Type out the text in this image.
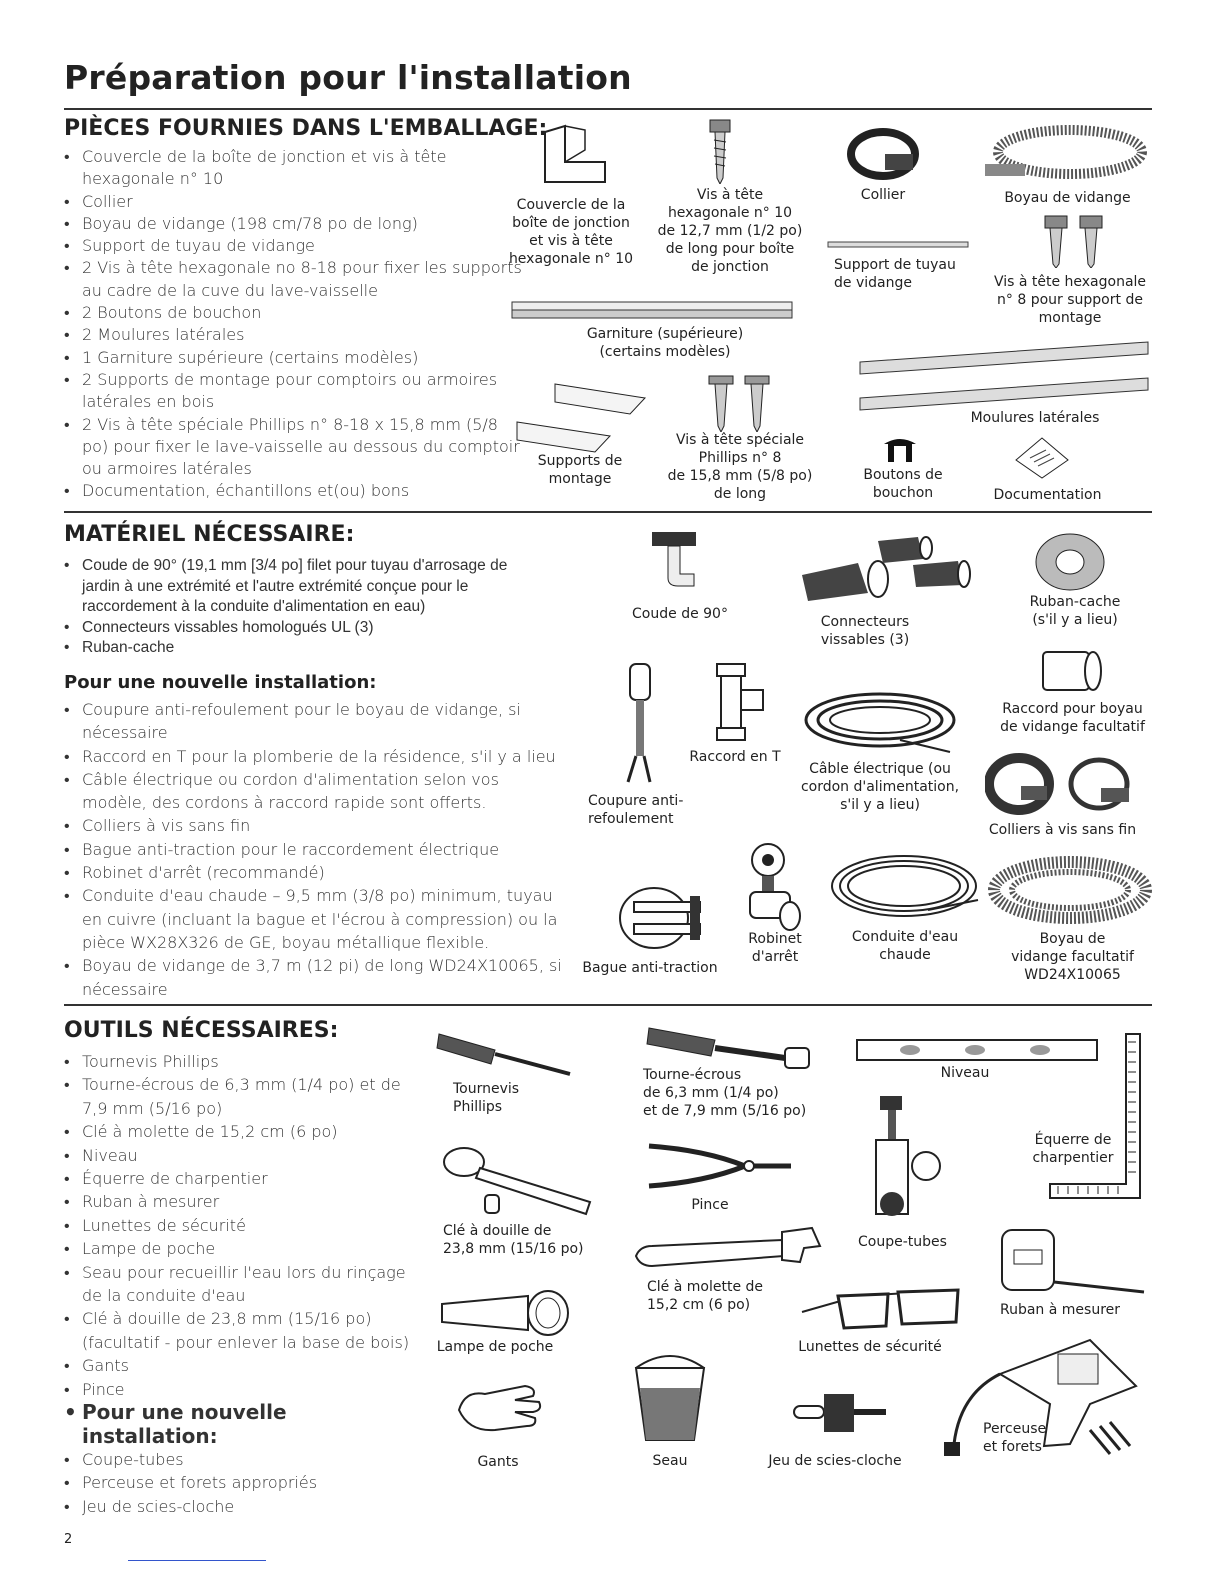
Préparation pour l'installation
PIÈCES FOURNIES DANS L'EMBALLAGE:
• Couvercle de la boîte de jonction et vis à tête hexagonale n° 10
• Collier
• Boyau de vidange (198 cm/78 po de long)
• Support de tuyau de vidange
• 2 Vis à tête hexagonale no 8-18 pour fixer les supports au cadre de la cuve du lave-vaisselle
• 2 Boutons de bouchon
• 2 Moulures latérales
• 1 Garniture supérieure (certains modèles)
• 2 Supports de montage pour comptoirs ou armoires latérales en bois
• 2 Vis à tête spéciale Phillips n° 8-18 x 15,8 mm (5/8 po) pour fixer le lave-vaisselle au dessous du comptoir ou armoires latérales
• Documentation, échantillons et(ou) bons
Couvercle de la
boîte de jonction
et vis à tête
hexagonale n° 10
Vis à tête
hexagonale n° 10
de 12,7 mm (1/2 po)
de long pour boîte
de jonction
Collier	Boyau de vidange
Support de tuyau
de vidange	Vis à tête hexagonale
n° 8 pour support de
montage
Garniture (supérieure)
(certains modèles)
Moulures latérales
Supports de
montage
Vis à tête spéciale
Phillips n° 8
de 15,8 mm (5/8 po)
de long
Boutons de
bouchon	Documentation
MATÉRIEL NÉCESSAIRE:
• Coude de 90° (19,1 mm [3/4 po] filet pour tuyau d'arrosage de jardin à une extrémité et l'autre extrémité conçue pour le raccordement à la conduite d'alimentation en eau)
• Connecteurs vissables homologués UL (3)
• Ruban-cache
Pour une nouvelle installation:
• Coupure anti-refoulement pour le boyau de vidange, si nécessaire
• Raccord en T pour la plomberie de la résidence, s'il y a lieu
• Câble électrique ou cordon d'alimentation selon vos modèle, des cordons à raccord rapide sont offerts.
• Colliers à vis sans fin
• Bague anti-traction pour le raccordement électrique
• Robinet d'arrêt (recommandé)
• Conduite d'eau chaude – 9,5 mm (3/8 po) minimum, tuyau en cuivre (incluant la bague et l'écrou à compression) ou la pièce WX28X326 de GE, boyau métallique flexible.
• Boyau de vidange de 3,7 m (12 pi) de long WD24X10065, si nécessaire
Coude de 90°	Connecteurs
vissables (3)
Ruban-cache
(s'il y a lieu)
Coupure anti-
refoulement
Raccord en T
Câble électrique (ou
cordon d'alimentation,
s'il y a lieu)
Raccord pour boyau
de vidange facultatif
Colliers à vis sans fin
Bague anti-traction
Robinet
d'arrêt
Conduite d'eau
chaude
Boyau de
vidange facultatif
WD24X10065
OUTILS NÉCESSAIRES:
• Tournevis Phillips
• Tourne-écrous de 6,3 mm (1/4 po) et de 7,9 mm (5/16 po)
• Clé à molette de 15,2 cm (6 po)
• Niveau
• Équerre de charpentier
• Ruban à mesurer
• Lunettes de sécurité
• Lampe de poche
• Seau pour recueillir l'eau lors du rinçage de la conduite d'eau
• Clé à douille de 23,8 mm (15/16 po) (facultatif - pour enlever la base de bois)
• Gants
• Pince
• Pour une nouvelle installation:
• Coupe-tubes
• Perceuse et forets appropriés
• Jeu de scies-cloche
Tournevis
Phillips
Tourne-écrous
de 6,3 mm (1/4 po)
et de 7,9 mm (5/16 po)
Niveau
Équerre de
charpentier
Clé à douille de
23,8 mm (15/16 po)
Pince
Coupe-tubes
Clé à molette de
15,2 cm (6 po)	Ruban à mesurer
Lampe de poche	Lunettes de sécurité
Gants	Seau	Jeu de scies-cloche
Perceuse
et forets
2
